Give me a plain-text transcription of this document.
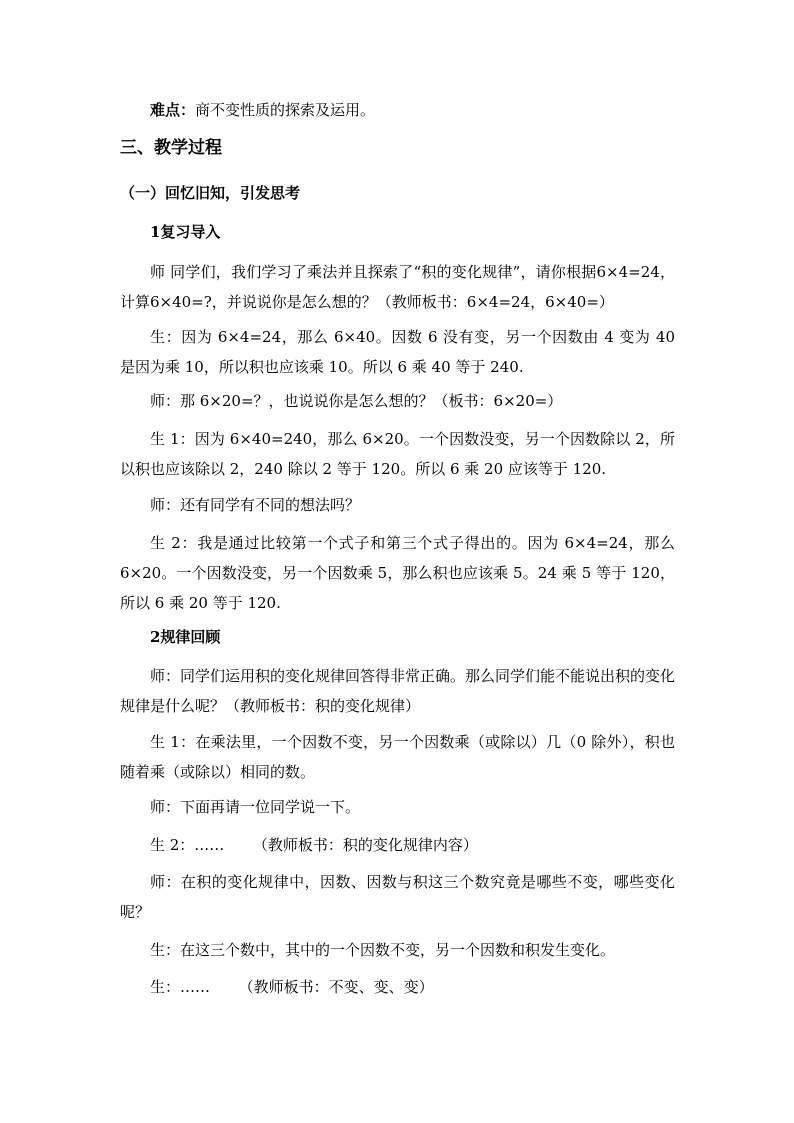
难点：商不变性质的探索及运用。
三、教学过程
（一）回忆旧知，引发思考
1复习导入
师 同学们，我们学习了乘法并且探索了“积的变化规律”，请你根据6×4=24，计算6×40=?，并说说你是怎么想的？（教师板书：6×4=24，6×40=）
生：因为 6×4=24，那么 6×40。因数 6 没有变，另一个因数由 4 变为 40 是因为乘 10，所以积也应该乘 10。所以 6 乘 40 等于 240.
师：那 6×20=？，也说说你是怎么想的？（板书：6×20=）
生 1：因为 6×40=240，那么 6×20。一个因数没变，另一个因数除以 2，所以积也应该除以 2，240 除以 2 等于 120。所以 6 乘 20 应该等于 120.
师：还有同学有不同的想法吗？
生 2：我是通过比较第一个式子和第三个式子得出的。因为 6×4=24，那么 6×20。一个因数没变，另一个因数乘 5，那么积也应该乘 5。24 乘 5 等于 120，所以 6 乘 20 等于 120.
2规律回顾
师：同学们运用积的变化规律回答得非常正确。那么同学们能不能说出积的变化规律是什么呢？（教师板书：积的变化规律）
生 1：在乘法里，一个因数不变，另一个因数乘（或除以）几（0 除外），积也随着乘（或除以）相同的数。
师：下面再请一位同学说一下。
生 2：……      （教师板书：积的变化规律内容）
师：在积的变化规律中，因数、因数与积这三个数究竟是哪些不变，哪些变化呢？
生：在这三个数中，其中的一个因数不变，另一个因数和积发生变化。
生：……      （教师板书：不变、变、变）
